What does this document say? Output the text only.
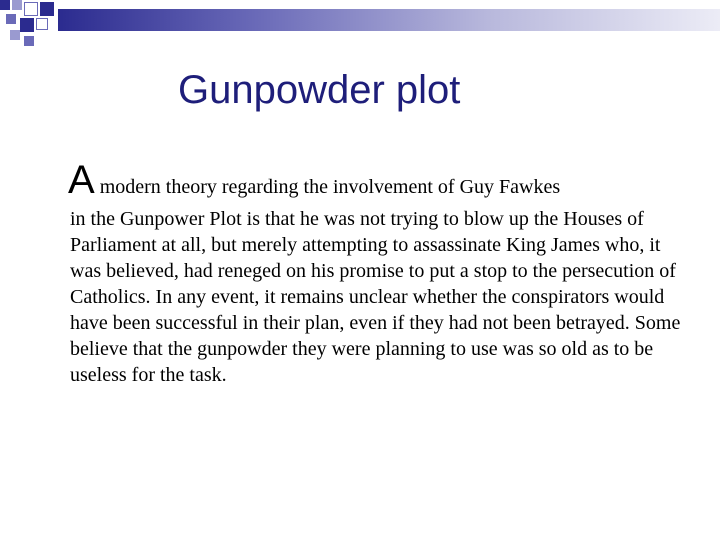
Gunpowder plot
A modern theory regarding the involvement of Guy Fawkes
in the Gunpower Plot is that he was not trying to blow up the Houses of Parliament at all, but merely attempting to assassinate King James who, it was believed, had reneged on his promise to put a stop to the persecution of Catholics. In any event, it remains unclear whether the conspirators would have been successful in their plan, even if they had not been betrayed. Some believe that the gunpowder they were planning to use was so old as to be useless for the task.
